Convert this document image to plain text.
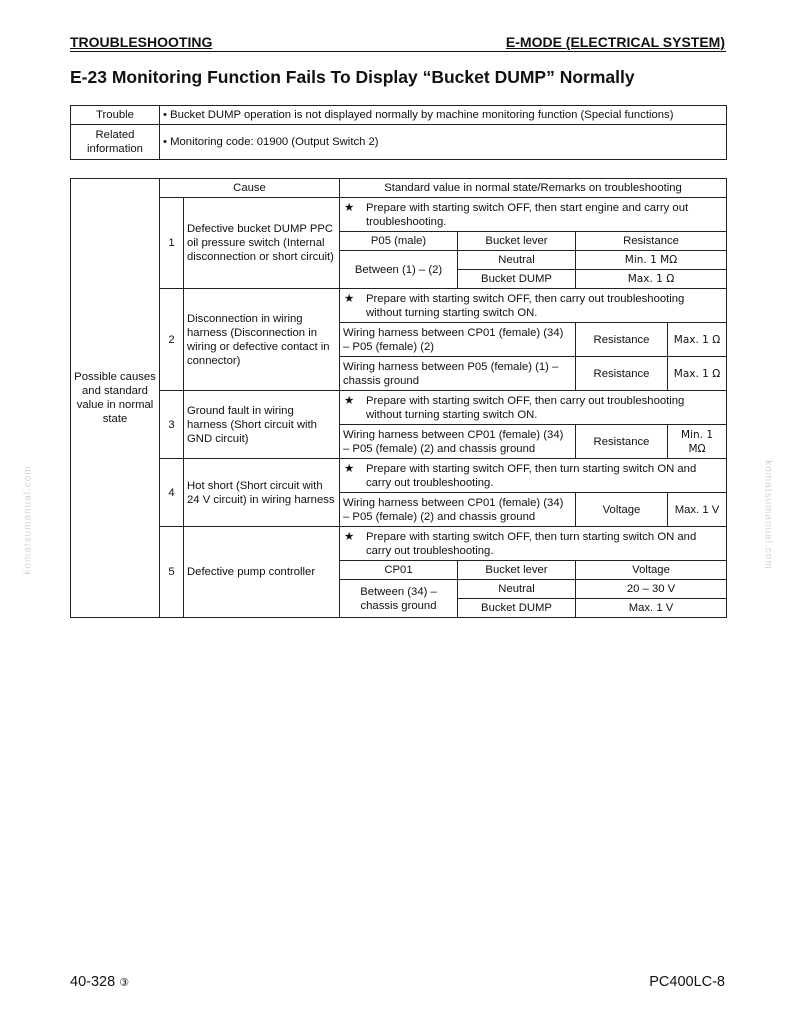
TROUBLESHOOTING	E-MODE (ELECTRICAL SYSTEM)
E-23 Monitoring Function Fails To Display “Bucket DUMP” Normally
Trouble	• Bucket DUMP operation is not displayed normally by machine monitoring function (Special functions)
Related information	• Monitoring code: 01900 (Output Switch 2)
Possible causes and standard value in normal state	Cause		Standard value in normal state/Remarks on troubleshooting			
	1	Defective bucket DUMP PPC oil pressure switch (Internal disconnection or short circuit)	★ Prepare with starting switch OFF, then start engine and carry out troubleshooting.			

			P05 (male)	Bucket lever	Resistance	
			Between (1) – (2)	Neutral	Min. 1 MΩ	
				Bucket DUMP	Max. 1 Ω	
	2	Disconnection in wiring harness (Disconnection in wiring or defective contact in connector)	★ Prepare with starting switch OFF, then carry out troubleshooting without turning starting switch ON.			

			Wiring harness between CP01 (female) (34) – P05 (female) (2)		Resistance	Max. 1 Ω
			Wiring harness between P05 (female) (1) – chassis ground		Resistance	Max. 1 Ω
	3	Ground fault in wiring harness (Short circuit with GND circuit)	★ Prepare with starting switch OFF, then carry out troubleshooting without turning starting switch ON.			

			Wiring harness between CP01 (female) (34) – P05 (female) (2) and chassis ground		Resistance	Min. 1 MΩ
	4	Hot short (Short circuit with 24 V circuit) in wiring harness	★ Prepare with starting switch OFF, then turn starting switch ON and carry out troubleshooting.			

			Wiring harness between CP01 (female) (34) – P05 (female) (2) and chassis ground		Voltage	Max. 1 V
	5	Defective pump controller	★ Prepare with starting switch OFF, then turn starting switch ON and carry out troubleshooting.			

			CP01	Bucket lever	Voltage	
			Between (34) – chassis ground	Neutral	20 – 30 V	
				Bucket DUMP	Max. 1 V	
komatsumanual.com	komatsumanual.com
40-328 ③	PC400LC-8
